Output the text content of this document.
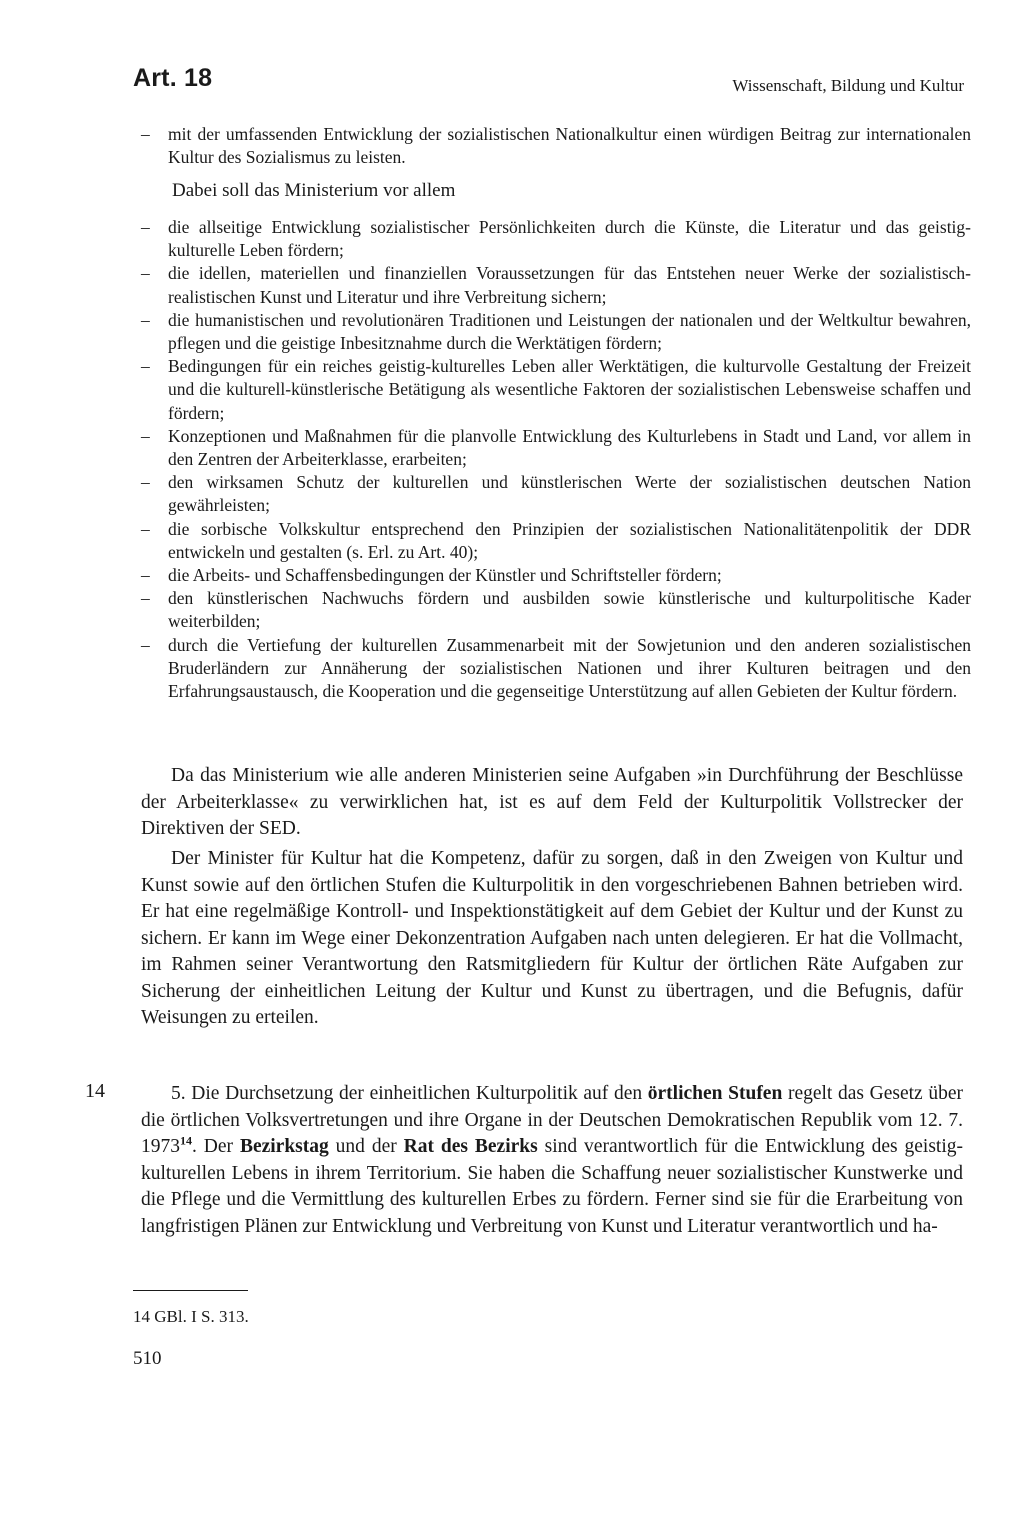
Art. 18	Wissenschaft, Bildung und Kultur
– mit der umfassenden Entwicklung der sozialistischen Nationalkultur einen würdigen Beitrag zur internationalen Kultur des Sozialismus zu leisten.
Dabei soll das Ministerium vor allem
– die allseitige Entwicklung sozialistischer Persönlichkeiten durch die Künste, die Literatur und das geistig-kulturelle Leben fördern;
– die idellen, materiellen und finanziellen Voraussetzungen für das Entstehen neuer Werke der sozialistisch-realistischen Kunst und Literatur und ihre Verbreitung sichern;
– die humanistischen und revolutionären Traditionen und Leistungen der nationalen und der Weltkultur bewahren, pflegen und die geistige Inbesitznahme durch die Werktätigen fördern;
– Bedingungen für ein reiches geistig-kulturelles Leben aller Werktätigen, die kulturvolle Gestaltung der Freizeit und die kulturell-künstlerische Betätigung als wesentliche Faktoren der sozialistischen Lebensweise schaffen und fördern;
– Konzeptionen und Maßnahmen für die planvolle Entwicklung des Kulturlebens in Stadt und Land, vor allem in den Zentren der Arbeiterklasse, erarbeiten;
– den wirksamen Schutz der kulturellen und künstlerischen Werte der sozialistischen deutschen Nation gewährleisten;
– die sorbische Volkskultur entsprechend den Prinzipien der sozialistischen Nationalitätenpolitik der DDR entwickeln und gestalten (s. Erl. zu Art. 40);
– die Arbeits- und Schaffensbedingungen der Künstler und Schriftsteller fördern;
– den künstlerischen Nachwuchs fördern und ausbilden sowie künstlerische und kulturpolitische Kader weiterbilden;
– durch die Vertiefung der kulturellen Zusammenarbeit mit der Sowjetunion und den anderen sozialistischen Bruderländern zur Annäherung der sozialistischen Nationen und ihrer Kulturen beitragen und den Erfahrungsaustausch, die Kooperation und die gegenseitige Unterstützung auf allen Gebieten der Kultur fördern.

Da das Ministerium wie alle anderen Ministerien seine Aufgaben »in Durchführung der Beschlüsse der Arbeiterklasse« zu verwirklichen hat, ist es auf dem Feld der Kulturpolitik Vollstrecker der Direktiven der SED.

Der Minister für Kultur hat die Kompetenz, dafür zu sorgen, daß in den Zweigen von Kultur und Kunst sowie auf den örtlichen Stufen die Kulturpolitik in den vorgeschriebenen Bahnen betrieben wird. Er hat eine regelmäßige Kontroll- und Inspektionstätigkeit auf dem Gebiet der Kultur und der Kunst zu sichern. Er kann im Wege einer Dekonzentration Aufgaben nach unten delegieren. Er hat die Vollmacht, im Rahmen seiner Verantwortung den Ratsmitgliedern für Kultur der örtlichen Räte Aufgaben zur Sicherung der einheitlichen Leitung der Kultur und Kunst zu übertragen, und die Befugnis, dafür Weisungen zu erteilen.

14	5. Die Durchsetzung der einheitlichen Kulturpolitik auf den örtlichen Stufen regelt das Gesetz über die örtlichen Volksvertretungen und ihre Organe in der Deutschen Demokratischen Republik vom 12. 7. 1973$^{14}$. Der Bezirkstag und der Rat des Bezirks sind verantwortlich für die Entwicklung des geistig-kulturellen Lebens in ihrem Territorium. Sie haben die Schaffung neuer sozialistischer Kunstwerke und die Pflege und die Vermittlung des kulturellen Erbes zu fördern. Ferner sind sie für die Erarbeitung von langfristigen Plänen zur Entwicklung und Verbreitung von Kunst und Literatur verantwortlich und ha-

14 GBl. I S. 313.
510
